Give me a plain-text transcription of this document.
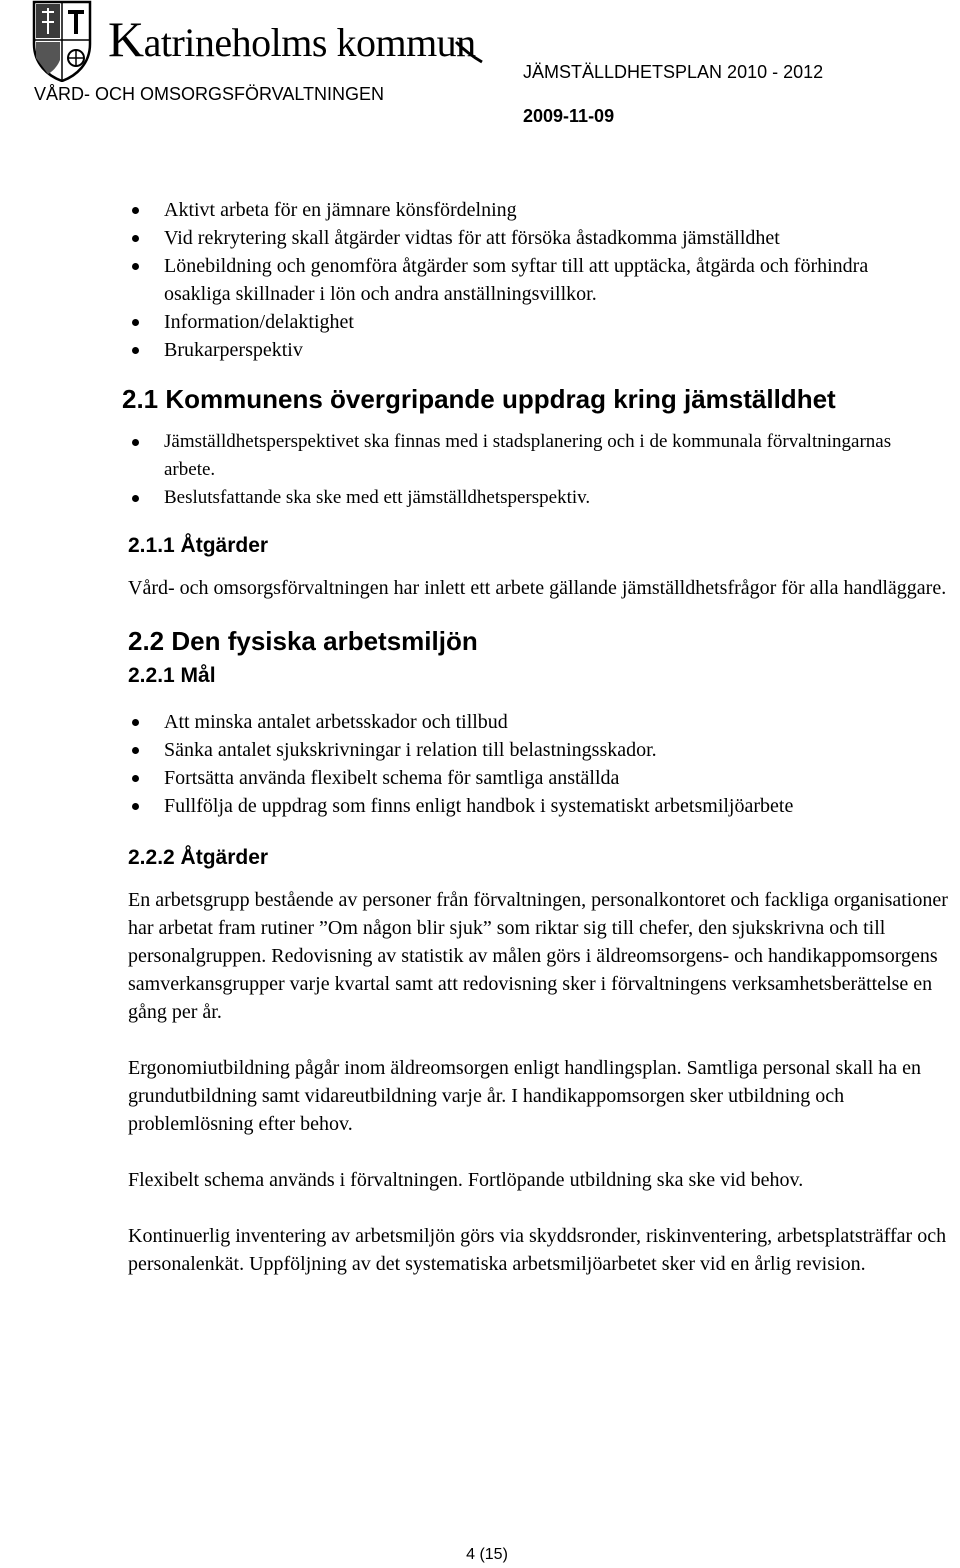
Katrineholms kommun
VÅRD- OCH OMSORGSFÖRVALTNINGEN
JÄMSTÄLLDHETSPLAN 2010 - 2012
2009-11-09
Aktivt arbeta för en jämnare könsfördelning
Vid rekrytering skall åtgärder vidtas för att försöka åstadkomma jämställdhet
Lönebildning och genomföra åtgärder som syftar till att upptäcka, åtgärda och förhindra osakliga skillnader i lön och andra anställningsvillkor.
Information/delaktighet
Brukarperspektiv
2.1 Kommunens övergripande uppdrag kring jämställdhet
Jämställdhetsperspektivet ska finnas med i stadsplanering och i de kommunala förvaltningarnas arbete.
Beslutsfattande ska ske med ett jämställdhetsperspektiv.
2.1.1 Åtgärder

Vård- och omsorgsförvaltningen har inlett ett arbete gällande jämställdhetsfrågor för alla handläggare.

2.2 Den fysiska arbetsmiljön
2.2.1 Mål
Att minska antalet arbetsskador och tillbud
Sänka antalet sjukskrivningar i relation till belastningsskador.
Fortsätta använda flexibelt schema för samtliga anställda
Fullfölja de uppdrag som finns enligt handbok i systematiskt arbetsmiljöarbete
2.2.2 Åtgärder

En arbetsgrupp bestående av personer från förvaltningen, personalkontoret och fackliga organisationer har arbetat fram rutiner ”Om någon blir sjuk” som riktar sig till chefer, den sjukskrivna och till personalgruppen. Redovisning av statistik av målen görs i äldreomsorgens- och handikappomsorgens samverkansgrupper varje kvartal samt att redovisning sker i förvaltningens verksamhetsberättelse en gång per år.

Ergonomiutbildning pågår inom äldreomsorgen enligt handlingsplan. Samtliga personal skall ha en grundutbildning samt vidareutbildning varje år. I handikappomsorgen sker utbildning och problemlösning efter behov.

Flexibelt schema används i förvaltningen. Fortlöpande utbildning ska ske vid behov.

Kontinuerlig inventering av arbetsmiljön görs via skyddsronder, riskinventering, arbetsplatsträffar och personalenkät. Uppföljning av det systematiska arbetsmiljöarbetet sker vid en årlig revision.

4 (15)
